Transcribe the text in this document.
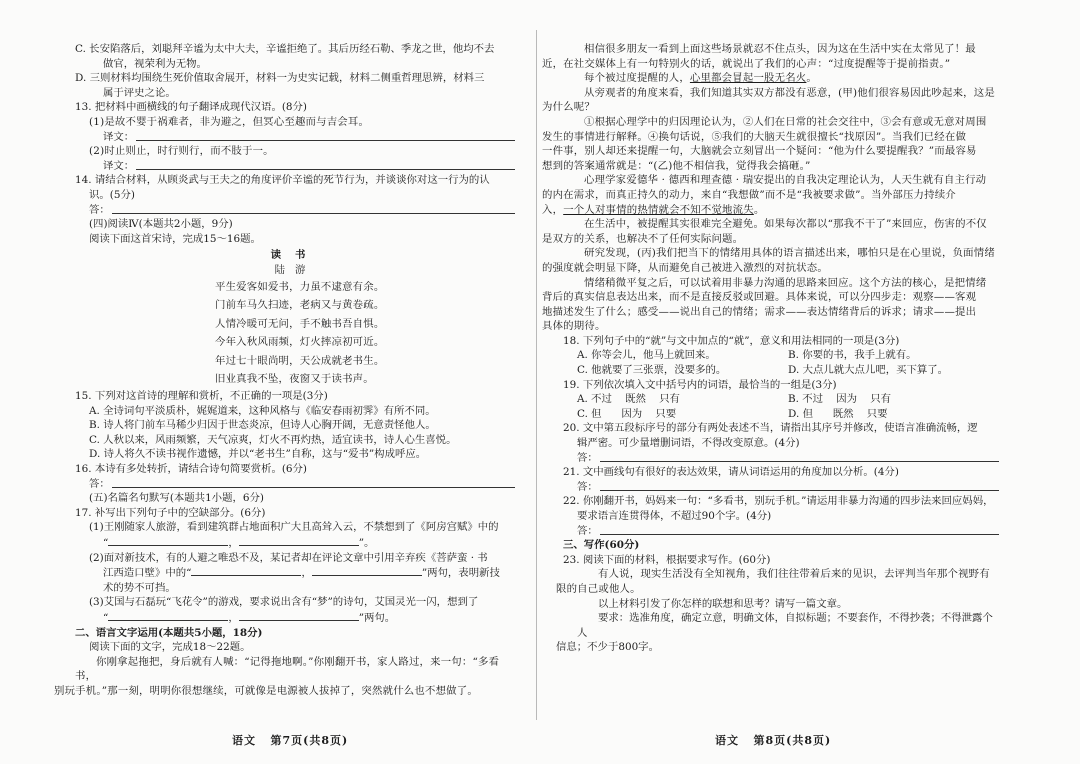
C. 长安陷落后，刘聪拜辛谧为太中大夫，辛谧拒绝了。其后历经石勒、季龙之世，他均不去
做官，视荣利为无物。

D. 三则材料均围绕生死价值取舍展开，材料一为史实记载，材料二侧重哲理思辨，材料三
属于评史之论。

13. 把材料中画横线的句子翻译成现代汉语。(8分)

(1)是故不婴于祸难者，非为避之，但冥心至趣而与吉会耳。

译文：

(2)时止则止，时行则行，而不肢于一。

译文：

14. 请结合材料，从顾炎武与王夫之的角度评价辛谧的死节行为，并谈谈你对这一行为的认
识。(5分)

答：

(四)阅读Ⅳ(本题共2小题，9分)

阅读下面这首宋诗，完成15～16题。

读书

陆游

平生爱客如爱书，力虽不逮意有余。

门前车马久扫迹，老病又与黄卷疏。

人情冷暖可无问，手不触书吾自惧。

今年入秋风雨频，灯火摔凉初可近。

年过七十眼尚明，天公成就老书生。

旧业真我不坠，夜窗又于读书声。

15. 下列对这首诗的理解和赏析，不正确的一项是(3分)

A. 全诗词句平淡质朴，娓娓道来，这种风格与《临安春雨初霁》有所不同。

B. 诗人将门前车马稀少归因于世态炎凉，但诗人心胸开阔，无意责怪他人。

C. 人秋以来，风雨频繁，天气凉爽，灯火不再灼热，适宜读书，诗人心生喜悦。

D. 诗人将久不读书视作遗憾，并以“老书生”自称，这与“爱书”构成呼应。

16. 本诗有多处转折，请结合诗句简要赏析。(6分)

答：

(五)名篇名句默写(本题共1小题，6分)

17. 补写出下列句子中的空缺部分。(6分)

(1)王刚随家人旅游，看到建筑群占地面积广大且高耸入云，不禁想到了《阿房宫赋》中的

“	，	”。

(2)面对新技术，有的人避之唯恐不及，某记者却在评论文章中引用辛弃疾《菩萨蛮 · 书

江西造口壁》中的“	，	”两句，表明新技

术的势不可挡。

(3)艾国与石磊玩“飞花令”的游戏，要求说出含有“梦”的诗句，艾国灵光一闪，想到了

“	，	”两句。

二、语言文字运用(本题共5小题，18分)

阅读下面的文字，完成18～22题。

你刚拿起拖把，身后就有人喊：“记得拖地啊。”你刚翻开书，家人路过，来一句：“多看书，
别玩手机。”那一刻，明明你很想继续，可就像是电源被人拔掉了，突然就什么也不想做了。

相信很多朋友一看到上面这些场景就忍不住点头，因为这在生活中实在太常见了！最
近，在社交媒体上有一句特别火的话，就说出了我们的心声：“过度提醒等于提前指责。”

每个被过度提醒的人，心里都会冒起一股无名火。

从旁观者的角度来看，我们知道其实双方都没有恶意，(甲)他们很容易因此吵起来，这是
为什么呢？

①根据心理学中的归因理论认为，②人们在日常的社会交往中，③会有意或无意对周围
发生的事情进行解释。④换句话说，⑤我们的大脑天生就很擅长“找原因”。当我们已经在做
一件事，别人却还来提醒一句，大脑就会立刻冒出一个疑问：“他为什么要提醒我？”而最容易
想到的答案通常就是：“(乙)他不相信我，觉得我会搞砸。”

心理学家爱德华 · 德西和理查德 · 瑞安提出的自我决定理论认为，人天生就有自主行动
的内在需求，而真正持久的动力，来自“我想做”而不是“我被要求做”。当外部压力持续介
入，一个人对事情的热情就会不知不觉地流失。

在生活中，被提醒其实很难完全避免。如果每次都以“那我不干了”来回应，伤害的不仅
是双方的关系，也解决不了任何实际问题。

研究发现，(丙)我们把当下的情绪用具体的语言描述出来，哪怕只是在心里说，负面情绪
的强度就会明显下降，从而避免自己被进入激烈的对抗状态。

情绪稍微平复之后，可以试着用非暴力沟通的思路来回应。这个方法的核心，是把情绪
背后的真实信息表达出来，而不是直接反驳或回避。具体来说，可以分四步走：观察——客观
地描述发生了什么；感受——说出自己的情绪；需求——表达情绪背后的诉求；请求——提出
具体的期待。

18. 下列句子中的“就”与文中加点的“就”，意义和用法相同的一项是(3分)

A. 你等会儿，他马上就回来。	B. 你要的书，我手上就有。
C. 他就要了三张票，没要多的。	D. 大点儿就大点儿吧，买下算了。

19. 下列依次填入文中括号内的词语，最恰当的一组是(3分)

A. 不过    既然    只有	B. 不过    因为    只有
C. 但      因为    只要	D. 但      既然    只要

20. 文中第五段标序号的部分有两处表述不当，请指出其序号并修改，使语言准确流畅，逻
辑严密。可少量增删词语，不得改变原意。(4分)

答：

21. 文中画线句有很好的表达效果，请从词语运用的角度加以分析。(4分)

答：

22. 你刚翻开书，妈妈来一句：“多看书，别玩手机。”请运用非暴力沟通的四步法来回应妈妈，
要求语言连贯得体，不超过90个字。(4分)

答：

三、写作(60分)

23. 阅读下面的材料，根据要求写作。(60分)

有人说，现实生活没有全知视角，我们往往带着后来的见识，去评判当年那个视野有
限的自己或他人。

以上材料引发了你怎样的联想和思考？请写一篇文章。

要求：选准角度，确定立意，明确文体，自拟标题；不要套作，不得抄袭；不得泄露个人
信息；不少于800字。

语文   第7页(共8页)	语文   第8页(共8页)
